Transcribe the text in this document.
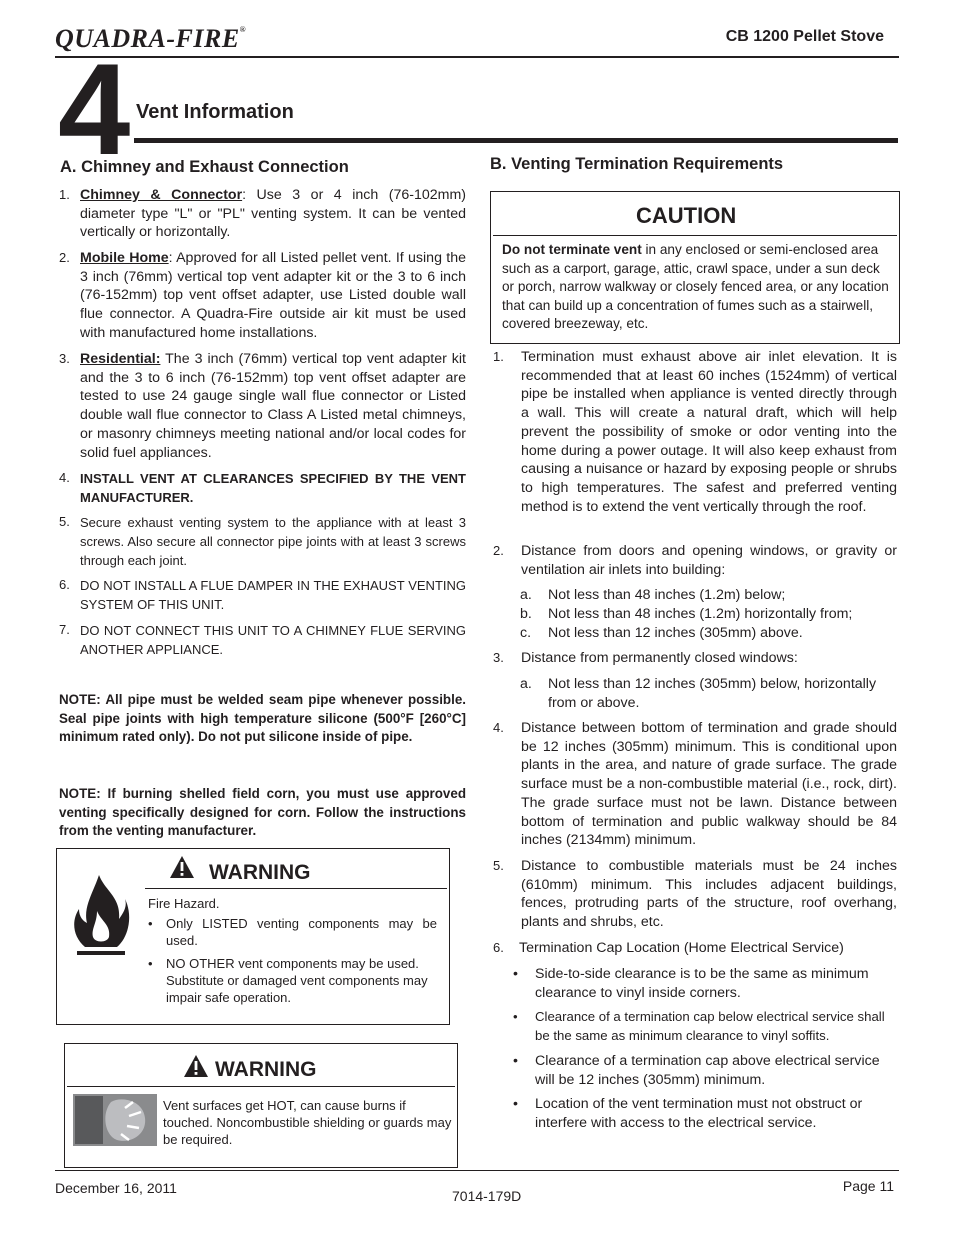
QUADRA-FIRE®	CB 1200 Pellet Stove
4 Vent Information
A. Chimney and Exhaust Connection
1. Chimney & Connector: Use 3 or 4 inch (76-102mm) diameter type "L" or "PL" venting system. It can be vented vertically or horizontally.
2. Mobile Home: Approved for all Listed pellet vent. If using the 3 inch (76mm) vertical top vent adapter kit or the 3 to 6 inch (76-152mm) top vent offset adapter, use Listed double wall flue connector. A Quadra-Fire outside air kit must be used with manufactured home installations.
3. Residential: The 3 inch (76mm) vertical top vent adapter kit and the 3 to 6 inch (76-152mm) top vent offset adapter are tested to use 24 gauge single wall flue connector or Listed double wall flue connector to Class A Listed metal chimneys, or masonry chimneys meeting national and/or local codes for solid fuel appliances.
4. INSTALL VENT AT CLEARANCES SPECIFIED BY THE VENT MANUFACTURER.
5. Secure exhaust venting system to the appliance with at least 3 screws. Also secure all connector pipe joints with at least 3 screws through each joint.
6. DO NOT INSTALL A FLUE DAMPER IN THE EXHAUST VENTING SYSTEM OF THIS UNIT.
7. DO NOT CONNECT THIS UNIT TO A CHIMNEY FLUE SERVING ANOTHER APPLIANCE.
NOTE: All pipe must be welded seam pipe whenever possible. Seal pipe joints with high temperature silicone (500°F [260°C] minimum rated only). Do not put silicone inside of pipe.
NOTE: If burning shelled field corn, you must use approved venting specifically designed for corn. Follow the instructions from the venting manufacturer.
WARNING
Fire Hazard.
•	Only LISTED venting components may be used.
•	NO OTHER vent components may be used. Substitute or damaged vent components may impair safe operation.
WARNING
Vent surfaces get HOT, can cause burns if touched. Noncombustible shielding or guards may be required.
B. Venting Termination Requirements
CAUTION
Do not terminate vent in any enclosed or semi-enclosed area such as a carport, garage, attic, crawl space, under a sun deck or porch, narrow walkway or closely fenced area, or any location that can build up a concentration of fumes such as a stairwell, covered breezeway, etc.
1. Termination must exhaust above air inlet elevation. It is recommended that at least 60 inches (1524mm) of vertical pipe be installed when appliance is vented directly through a wall. This will create a natural draft, which will help prevent the possibility of smoke or odor venting into the home during a power outage. It will also keep exhaust from causing a nuisance or hazard by exposing people or shrubs to high temperatures. The safest and preferred venting method is to extend the vent vertically through the roof.
2. Distance from doors and opening windows, or gravity or ventilation air inlets into building:
a. Not less than 48 inches (1.2m) below;
b. Not less than 48 inches (1.2m) horizontally from;
c. Not less than 12 inches (305mm) above.
3. Distance from permanently closed windows:
a. Not less than 12 inches (305mm) below, horizontally from or above.
4. Distance between bottom of termination and grade should be 12 inches (305mm) minimum. This is conditional upon plants in the area, and nature of grade surface. The grade surface must be a non-combustible material (i.e., rock, dirt). The grade surface must not be lawn. Distance between bottom of termination and public walkway should be 84 inches (2134mm) minimum.
5. Distance to combustible materials must be 24 inches (610mm) minimum. This includes adjacent buildings, fences, protruding parts of the structure, roof overhang, plants and shrubs, etc.
6. Termination Cap Location (Home Electrical Service)
•	Side-to-side clearance is to be the same as minimum clearance to vinyl inside corners.
•	Clearance of a termination cap below electrical service shall be the same as minimum clearance to vinyl soffits.
•	Clearance of a termination cap above electrical service will be 12 inches (305mm) minimum.
•	Location of the vent termination must not obstruct or interfere with access to the electrical service.
December 16, 2011	7014-179D
Page 11
